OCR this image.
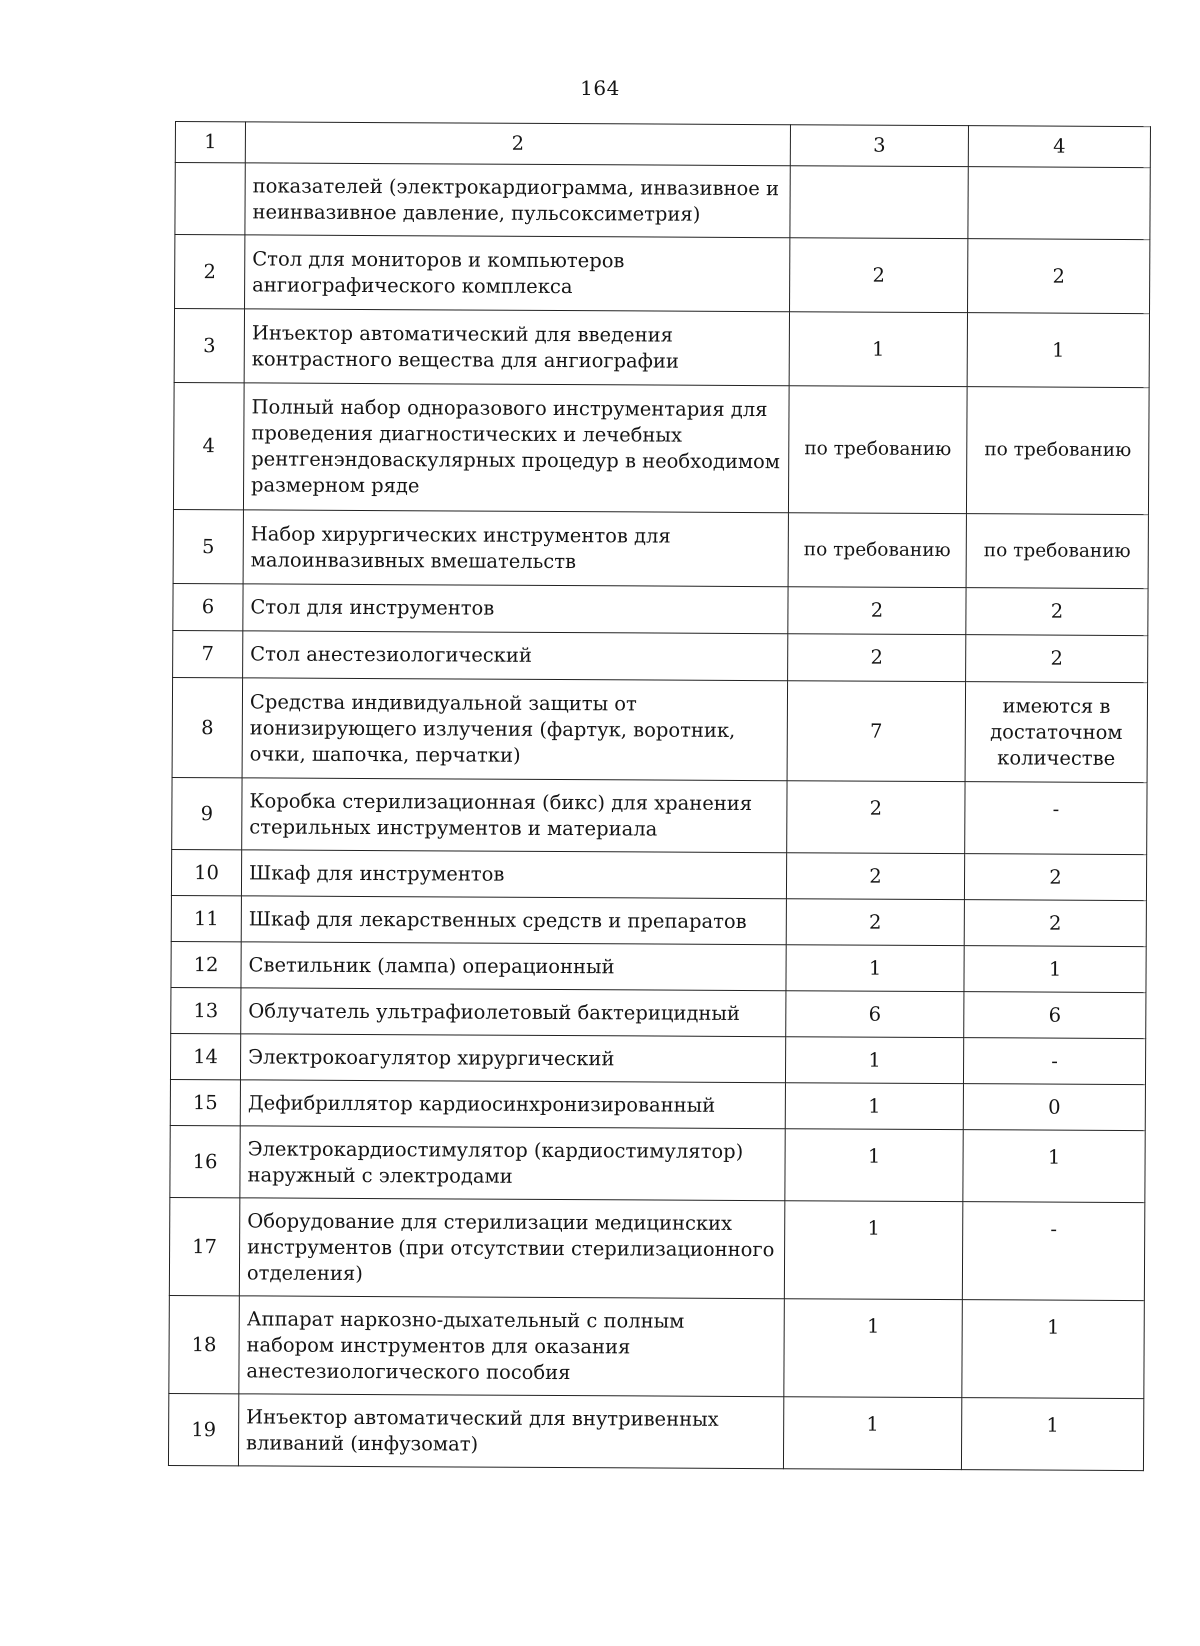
164
1	2	3	4
	показателей (электрокардиограмма, инвазивное и неинвазивное давление, пульсоксиметрия)		
2	Стол для мониторов и компьютеров ангиографического комплекса	2	2
3	Инъектор автоматический для введения контрастного вещества для ангиографии	1	1
4	Полный набор одноразового инструментария для проведения диагностических и лечебных рентгенэндоваскулярных процедур в необходимом размерном ряде	по требованию	по требованию
5	Набор хирургических инструментов для малоинвазивных вмешательств	по требованию	по требованию
6	Стол для инструментов	2	2
7	Стол анестезиологический	2	2
8	Средства индивидуальной защиты от ионизирующего излучения (фартук, воротник, очки, шапочка, перчатки)	7	имеются в достаточном количестве
9	Коробка стерилизационная (бикс) для хранения стерильных инструментов и материала	2	-
10	Шкаф для инструментов	2	2
11	Шкаф для лекарственных средств и препаратов	2	2
12	Светильник (лампа) операционный	1	1
13	Облучатель ультрафиолетовый бактерицидный	6	6
14	Электрокоагулятор хирургический	1	-
15	Дефибриллятор кардиосинхронизированный	1	0
16	Электрокардиостимулятор (кардиостимулятор) наружный с электродами	1	1
17	Оборудование для стерилизации медицинских инструментов (при отсутствии стерилизационного отделения)	1	-
18	Аппарат наркозно-дыхательный с полным набором инструментов для оказания анестезиологического пособия	1	1
19	Инъектор автоматический для внутривенных вливаний (инфузомат)	1	1
